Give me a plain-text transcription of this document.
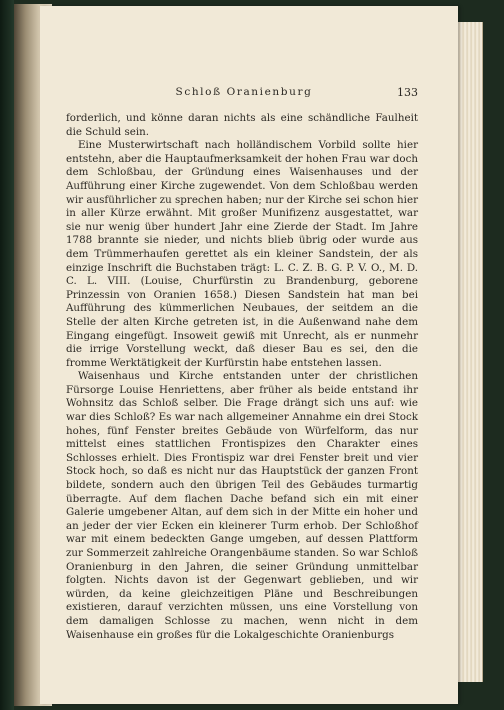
Schloß Oranienburg	133

forderlich, und könne daran nichts als eine schändliche Faulheit die Schuld sein.

Eine Musterwirtschaft nach holländischem Vorbild sollte hier entstehn, aber die Hauptaufmerksamkeit der hohen Frau war doch dem Schloßbau, der Gründung eines Waisenhauses und der Aufführung einer Kirche zugewendet. Von dem Schloßbau werden wir ausführlicher zu sprechen haben; nur der Kirche sei schon hier in aller Kürze erwähnt. Mit großer Munifizenz ausgestattet, war sie nur wenig über hundert Jahr eine Zierde der Stadt. Im Jahre 1788 brannte sie nieder, und nichts blieb übrig oder wurde aus dem Trümmerhaufen gerettet als ein kleiner Sandstein, der als einzige Inschrift die Buchstaben trägt: L. C. Z. B. G. P. V. O., M. D. C. L. VIII. (Louise, Churfürstin zu Brandenburg, geborene Prinzessin von Oranien 1658.) Diesen Sandstein hat man bei Aufführung des kümmerlichen Neubaues, der seitdem an die Stelle der alten Kirche getreten ist, in die Außenwand nahe dem Eingang eingefügt. Insoweit gewiß mit Unrecht, als er nunmehr die irrige Vorstellung weckt, daß dieser Bau es sei, den die fromme Werktätigkeit der Kurfürstin habe entstehen lassen.

Waisenhaus und Kirche entstanden unter der christlichen Fürsorge Louise Henriettens, aber früher als beide entstand ihr Wohnsitz das Schloß selber. Die Frage drängt sich uns auf: wie war dies Schloß? Es war nach allgemeiner Annahme ein drei Stock hohes, fünf Fenster breites Gebäude von Würfelform, das nur mittelst eines stattlichen Frontispizes den Charakter eines Schlosses erhielt. Dies Frontispiz war drei Fenster breit und vier Stock hoch, so daß es nicht nur das Hauptstück der ganzen Front bildete, sondern auch den übrigen Teil des Gebäudes turmartig überragte. Auf dem flachen Dache befand sich ein mit einer Galerie umgebener Altan, auf dem sich in der Mitte ein hoher und an jeder der vier Ecken ein kleinerer Turm erhob. Der Schloßhof war mit einem bedeckten Gange umgeben, auf dessen Plattform zur Sommerzeit zahlreiche Orangenbäume standen. So war Schloß Oranienburg in den Jahren, die seiner Gründung unmittelbar folgten. Nichts davon ist der Gegenwart geblieben, und wir würden, da keine gleichzeitigen Pläne und Beschreibungen existieren, darauf verzichten müssen, uns eine Vorstellung von dem damaligen Schlosse zu machen, wenn nicht in dem Waisenhause ein großes für die Lokalgeschichte Oranienburgs
